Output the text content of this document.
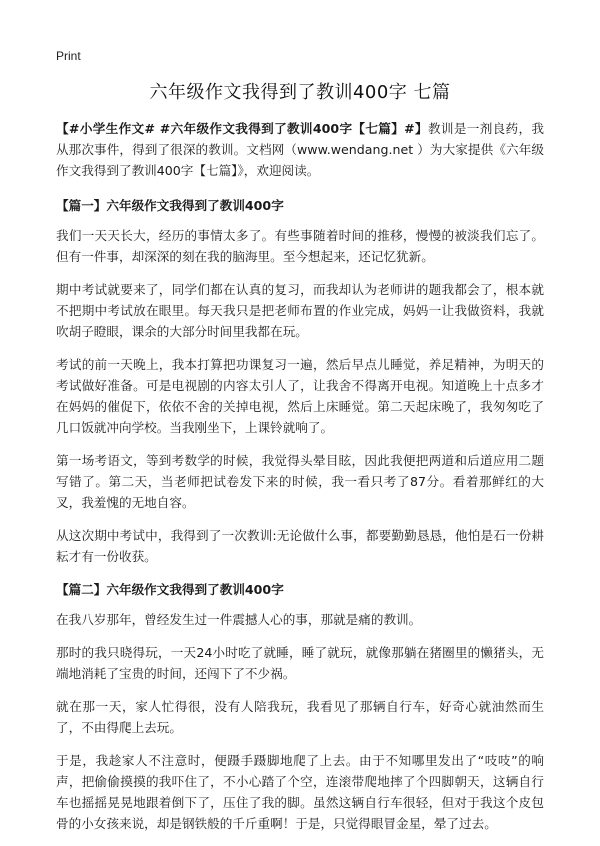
Print
六年级作文我得到了教训400字 七篇

【#小学生作文# #六年级作文我得到了教训400字【七篇】#】教训是一剂良药，我从那次事件，得到了很深的教训。文档网（www.wendang.net ）为大家提供《六年级作文我得到了教训400字【七篇】》，欢迎阅读。

【篇一】六年级作文我得到了教训400字

我们一天天长大，经历的事情太多了。有些事随着时间的推移，慢慢的被淡我们忘了。但有一件事，却深深的刻在我的脑海里。至今想起来，还记忆犹新。

期中考试就要来了，同学们都在认真的复习，而我却认为老师讲的题我都会了，根本就不把期中考试放在眼里。每天我只是把老师布置的作业完成，妈妈一让我做资料，我就吹胡子瞪眼，课余的大部分时间里我都在玩。

考试的前一天晚上，我本打算把功课复习一遍，然后早点儿睡觉，养足精神，为明天的考试做好准备。可是电视剧的内容太引人了，让我舍不得离开电视。知道晚上十点多才在妈妈的催促下，依依不舍的关掉电视，然后上床睡觉。第二天起床晚了，我匆匆吃了几口饭就冲向学校。当我刚坐下，上课铃就响了。

第一场考语文，等到考数学的时候，我觉得头晕目眩，因此我便把两道和后道应用二题写错了。第二天，当老师把试卷发下来的时候，我一看只考了87分。看着那鲜红的大叉，我羞愧的无地自容。

从这次期中考试中，我得到了一次教训:无论做什么事，都要勤勤恳恳，他怕是石一份耕耘才有一份收获。

【篇二】六年级作文我得到了教训400字

在我八岁那年，曾经发生过一件震撼人心的事，那就是痛的教训。

那时的我只晓得玩，一天24小时吃了就睡，睡了就玩，就像那躺在猪圈里的懒猪头，无端地消耗了宝贵的时间，还闯下了不少祸。

就在那一天，家人忙得很，没有人陪我玩，我看见了那辆自行车，好奇心就油然而生了，不由得爬上去玩。

于是，我趁家人不注意时，便蹑手蹑脚地爬了上去。由于不知哪里发出了“吱吱”的响声，把偷偷摸摸的我吓住了，不小心踏了个空，连滚带爬地摔了个四脚朝天，这辆自行车也摇摇晃晃地跟着倒下了，压住了我的脚。虽然这辆自行车很轻，但对于我这个皮包骨的小女孩来说，却是钢铁般的千斤重啊！于是，只觉得眼冒金星，晕了过去。
